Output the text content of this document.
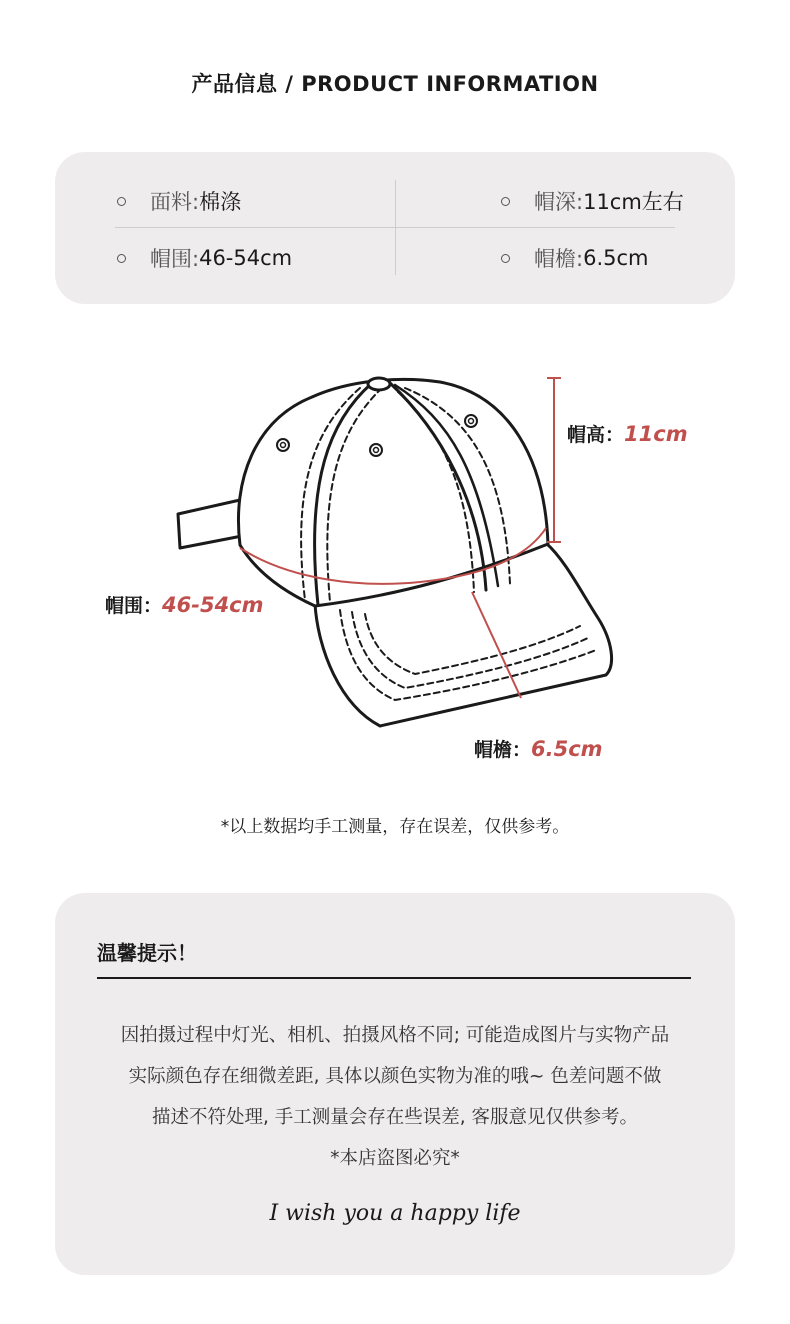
产品信息 / PRODUCT INFORMATION
面料: 棉涤	帽深: 11cm左右
帽围: 46-54cm	帽檐: 6.5cm
帽高：11cm
帽围：46-54cm
帽檐：6.5cm
*以上数据均手工测量，存在误差，仅供参考。
温馨提示！
因拍摄过程中灯光、相机、拍摄风格不同; 可能造成图片与实物产品
实际颜色存在细微差距, 具体以颜色实物为准的哦~ 色差问题不做
描述不符处理, 手工测量会存在些误差, 客服意见仅供参考。
*本店盗图必究*
I wish you a happy life
